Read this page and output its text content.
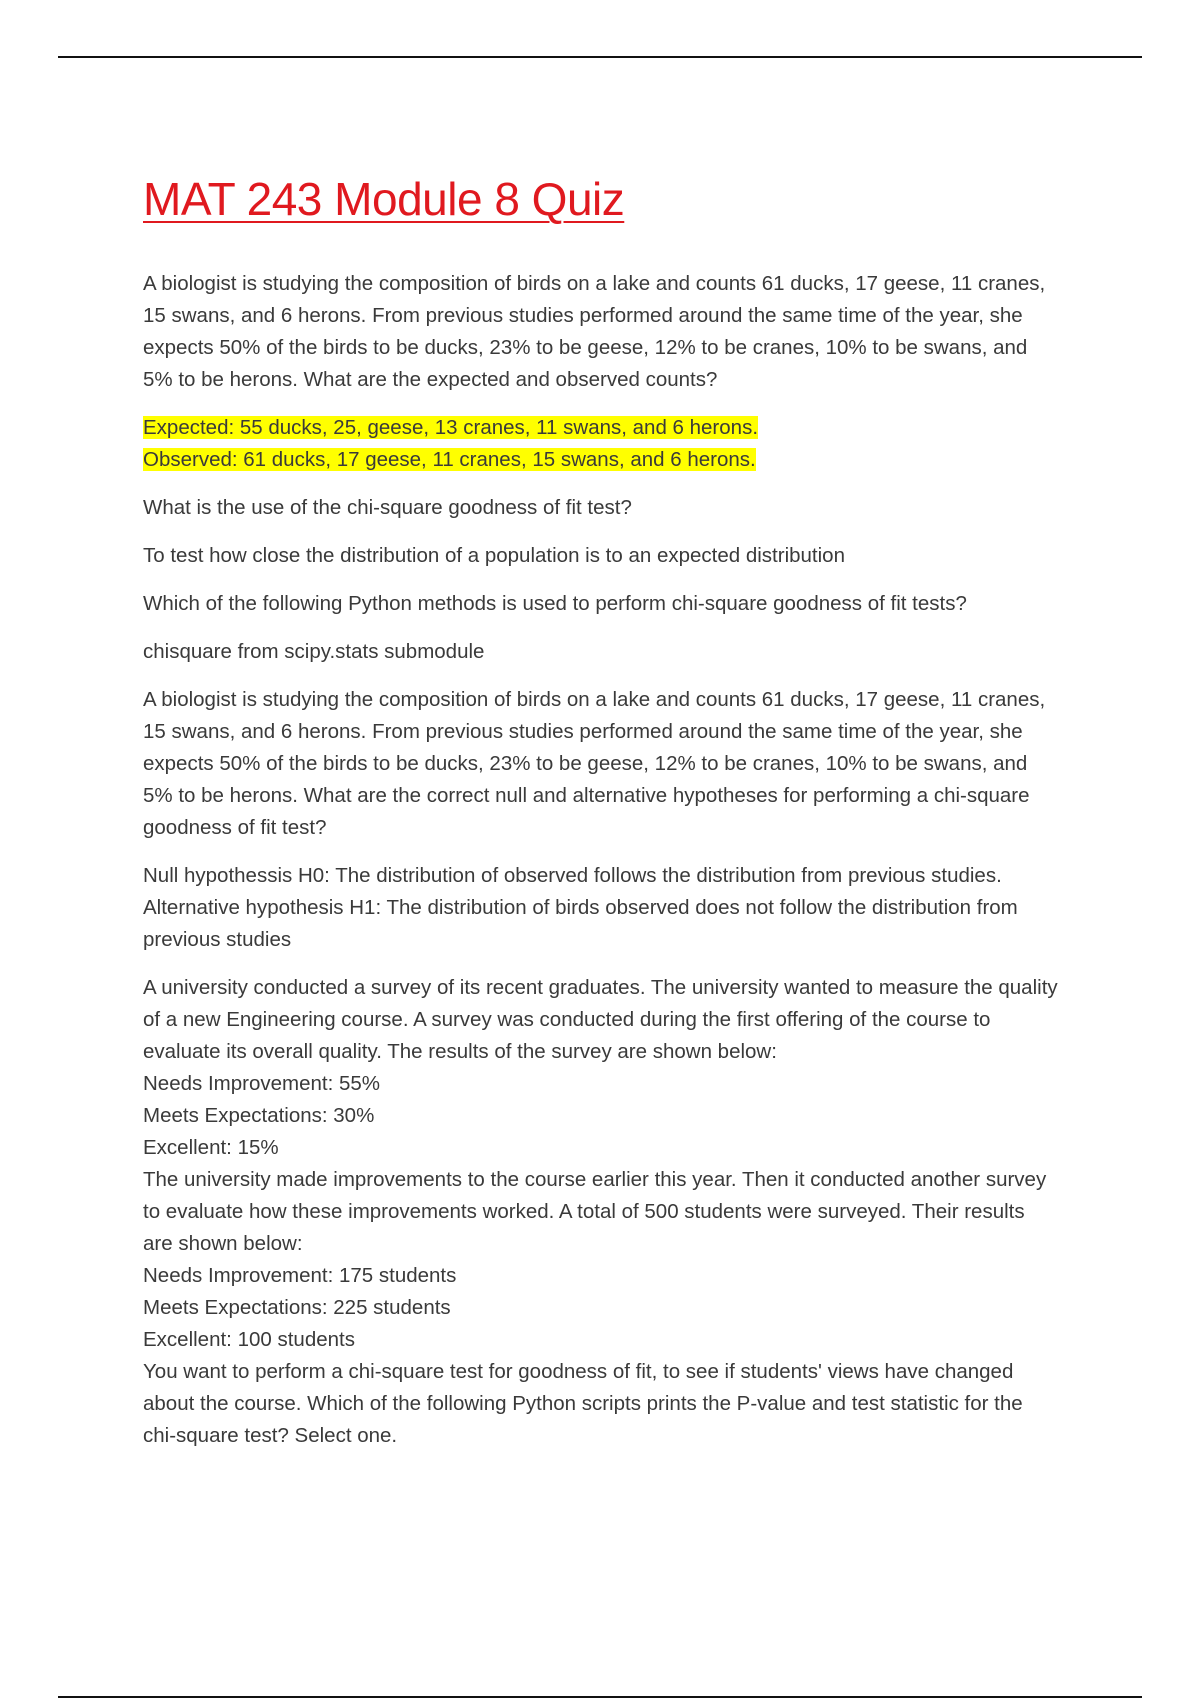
MAT 243 Module 8 Quiz

A biologist is studying the composition of birds on a lake and counts 61 ducks, 17 geese, 11 cranes, 15 swans, and 6 herons. From previous studies performed around the same time of the year, she expects 50% of the birds to be ducks, 23% to be geese, 12% to be cranes, 10% to be swans, and 5% to be herons. What are the expected and observed counts?

Expected: 55 ducks, 25, geese, 13 cranes, 11 swans, and 6 herons.

Observed: 61 ducks, 17 geese, 11 cranes, 15 swans, and 6 herons.

What is the use of the chi-square goodness of fit test?

To test how close the distribution of a population is to an expected distribution

Which of the following Python methods is used to perform chi-square goodness of fit tests?

chisquare from scipy.stats submodule

A biologist is studying the composition of birds on a lake and counts 61 ducks, 17 geese, 11 cranes, 15 swans, and 6 herons. From previous studies performed around the same time of the year, she expects 50% of the birds to be ducks, 23% to be geese, 12% to be cranes, 10% to be swans, and 5% to be herons. What are the correct null and alternative hypotheses for performing a chi-square goodness of fit test?

Null hypothessis H0: The distribution of observed follows the distribution from previous studies.

Alternative hypothesis H1: The distribution of birds observed does not follow the distribution from previous studies

A university conducted a survey of its recent graduates. The university wanted to measure the quality of a new Engineering course. A survey was conducted during the first offering of the course to evaluate its overall quality. The results of the survey are shown below:

Needs Improvement: 55%

Meets Expectations: 30%

Excellent: 15%

The university made improvements to the course earlier this year. Then it conducted another survey to evaluate how these improvements worked. A total of 500 students were surveyed. Their results are shown below:

Needs Improvement: 175 students

Meets Expectations: 225 students

Excellent: 100 students

You want to perform a chi-square test for goodness of fit, to see if students' views have changed about the course. Which of the following Python scripts prints the P-value and test statistic for the chi-square test? Select one.
